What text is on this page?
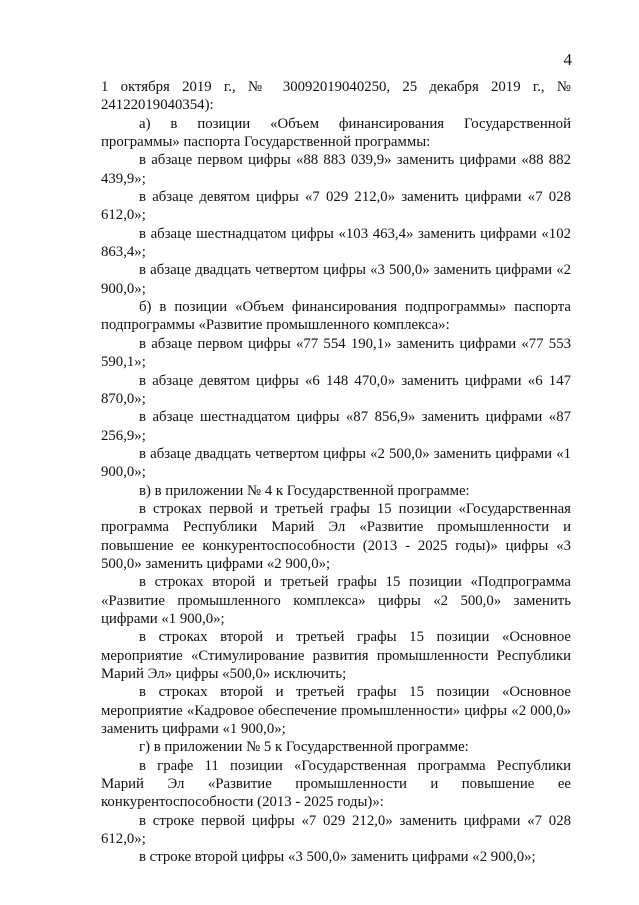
4

1 октября 2019 г., № 30092019040250, 25 декабря 2019 г., № 24122019040354):

а) в позиции «Объем финансирования Государственной программы» паспорта Государственной программы:

в абзаце первом цифры «88 883 039,9» заменить цифрами «88 882 439,9»;

в абзаце девятом цифры «7 029 212,0» заменить цифрами «7 028 612,0»;

в абзаце шестнадцатом цифры «103 463,4» заменить цифрами «102 863,4»;

в абзаце двадцать четвертом цифры «3 500,0» заменить цифрами «2 900,0»;

б) в позиции «Объем финансирования подпрограммы» паспорта подпрограммы «Развитие промышленного комплекса»:

в абзаце первом цифры «77 554 190,1» заменить цифрами «77 553 590,1»;

в абзаце девятом цифры «6 148 470,0» заменить цифрами «6 147 870,0»;

в абзаце шестнадцатом цифры «87 856,9» заменить цифрами «87 256,9»;

в абзаце двадцать четвертом цифры «2 500,0» заменить цифрами «1 900,0»;

в) в приложении № 4 к Государственной программе:

в строках первой и третьей графы 15 позиции «Государственная программа Республики Марий Эл «Развитие промышленности и повышение ее конкурентоспособности (2013 - 2025 годы)» цифры «3 500,0» заменить цифрами «2 900,0»;

в строках второй и третьей графы 15 позиции «Подпрограмма «Развитие промышленного комплекса» цифры «2 500,0» заменить цифрами «1 900,0»;

в строках второй и третьей графы 15 позиции «Основное мероприятие «Стимулирование развития промышленности Республики Марий Эл» цифры «500,0» исключить;

в строках второй и третьей графы 15 позиции «Основное мероприятие «Кадровое обеспечение промышленности» цифры «2 000,0» заменить цифрами «1 900,0»;

г) в приложении № 5 к Государственной программе:

в графе 11 позиции «Государственная программа Республики Марий Эл «Развитие промышленности и повышение ее конкурентоспособности (2013 - 2025 годы)»:

в строке первой цифры «7 029 212,0» заменить цифрами «7 028 612,0»;

в строке второй цифры «3 500,0» заменить цифрами «2 900,0»;
